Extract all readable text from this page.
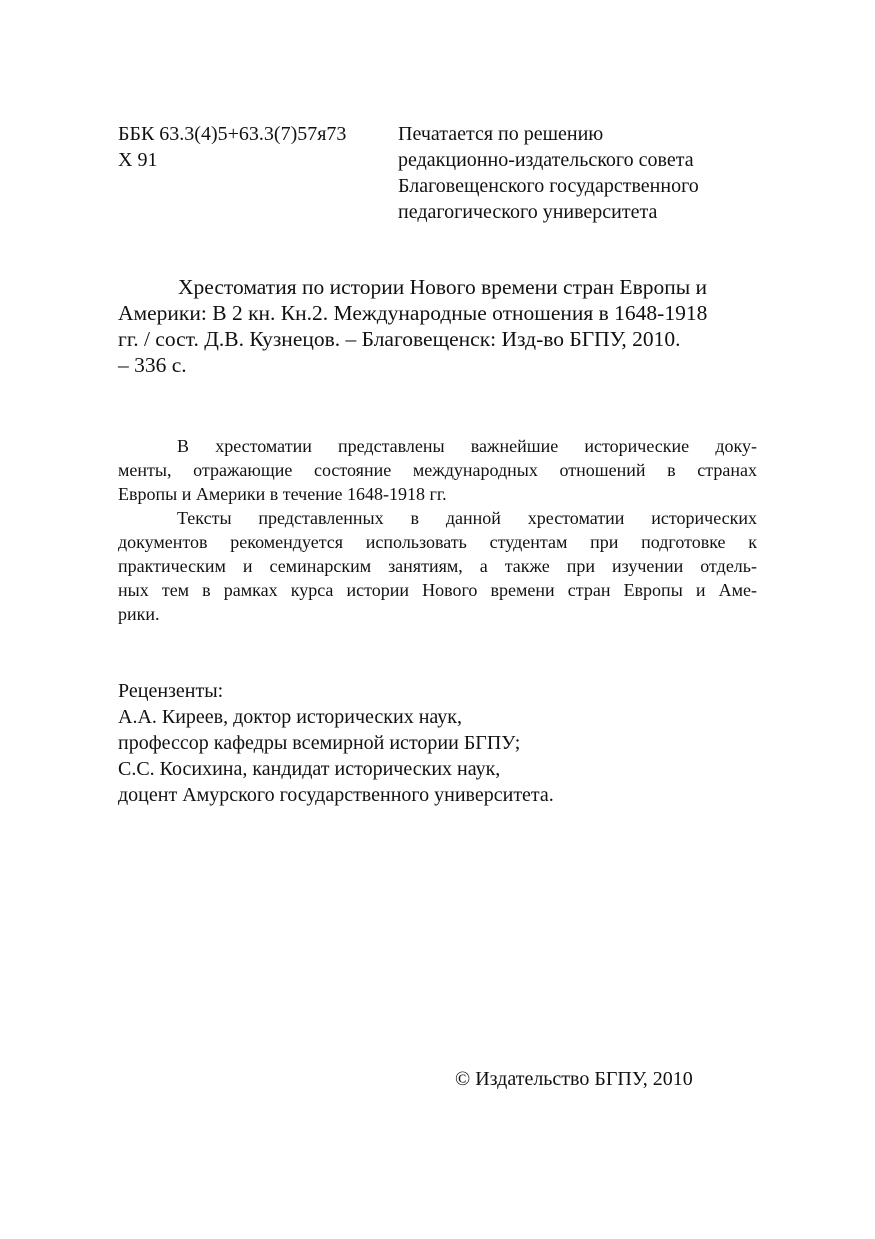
ББК 63.3(4)5+63.3(7)57я73
Х 91
Печатается по решению
редакционно-издательского совета
Благовещенского государственного
педагогического университета
Хрестоматия по истории Нового времени стран Европы и
Америки: В 2 кн. Кн.2. Международные отношения в 1648-1918
гг. / сост. Д.В. Кузнецов. – Благовещенск: Изд-во БГПУ, 2010.
– 336 с.
В хрестоматии представлены важнейшие исторические доку-
менты, отражающие состояние международных отношений в странах
Европы и Америки в течение 1648-1918 гг.
Тексты представленных в данной хрестоматии исторических
документов рекомендуется использовать студентам при подготовке к
практическим и семинарским занятиям, а также при изучении отдель-
ных тем в рамках курса истории Нового времени стран Европы и Аме-
рики.
Рецензенты:
А.А. Киреев, доктор исторических наук,
профессор кафедры всемирной истории БГПУ;
С.С. Косихина, кандидат исторических наук,
доцент Амурского государственного университета.
© Издательство БГПУ, 2010
